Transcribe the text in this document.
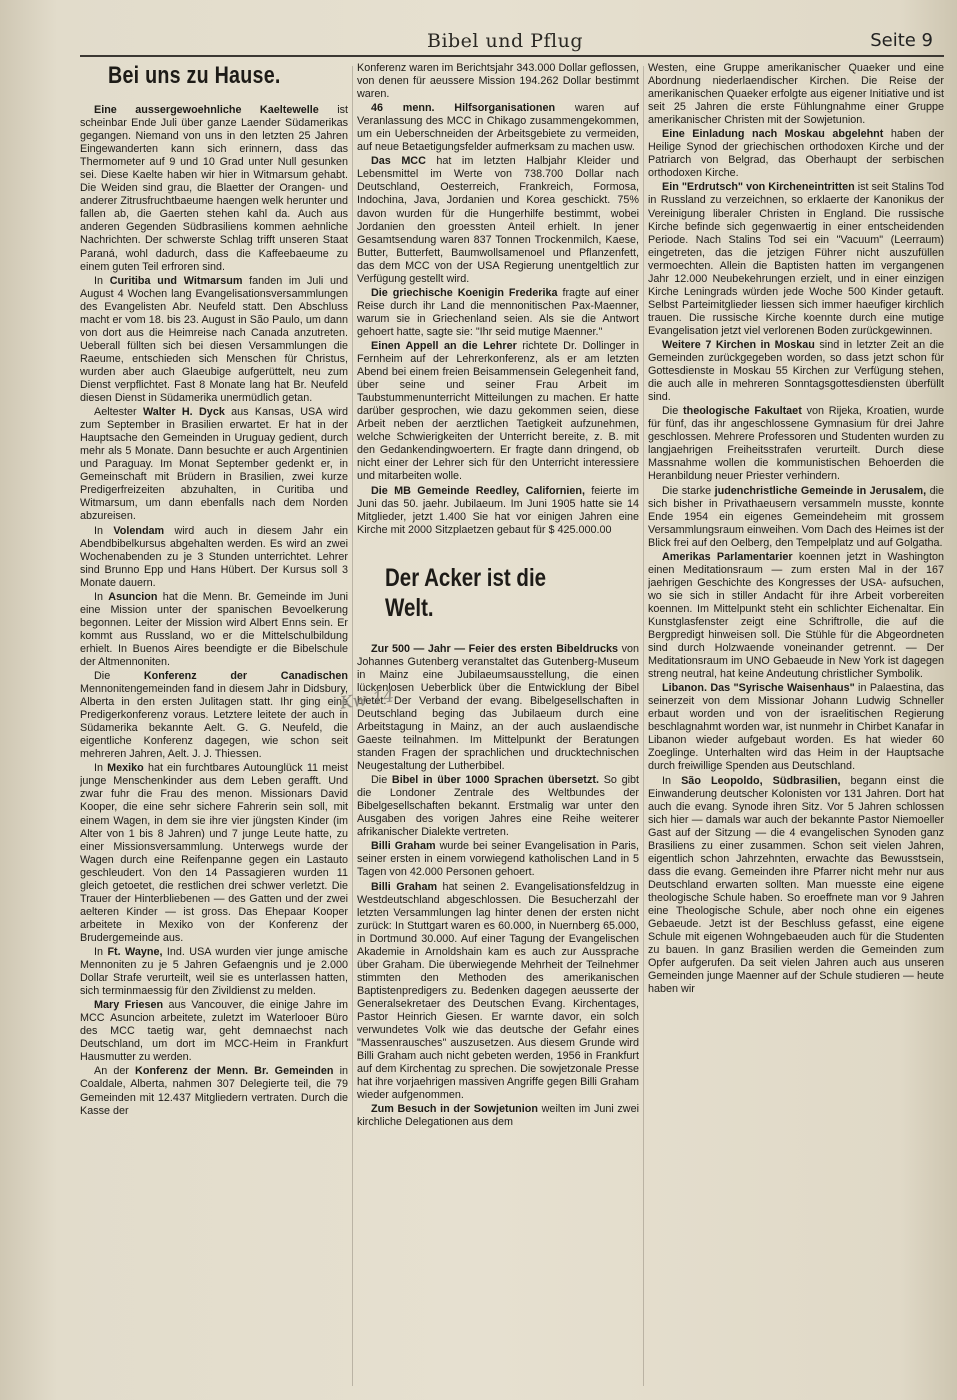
Bibel und Pflug	Seite 9
Bei uns zu Hause.

Eine aussergewoehnliche Kaeltewelle ist scheinbar Ende Juli über ganze Laender Südamerikas gegangen. Niemand von uns in den letzten 25 Jahren Eingewanderten kann sich erinnern, dass das Thermometer auf 9 und 10 Grad unter Null gesunken sei. Diese Kaelte haben wir hier in Witmarsum gehabt. Die Weiden sind grau, die Blaetter der Orangen- und anderer Zitrusfruchtbaeume haengen welk herunter und fallen ab, die Gaerten stehen kahl da. Auch aus anderen Gegenden Südbrasiliens kommen aehnliche Nachrichten. Der schwerste Schlag trifft unseren Staat Paraná, wohl dadurch, dass die Kaffeebaeume zu einem guten Teil erfroren sind.

In Curitiba und Witmarsum fanden im Juli und August 4 Wochen lang Evangelisationsversammlungen des Evangelisten Abr. Neufeld statt. Den Abschluss macht er vom 18. bis 23. August in São Paulo, um dann von dort aus die Heimreise nach Canada anzutreten. Ueberall füllten sich bei diesen Versammlungen die Raeume, entschieden sich Menschen für Christus, wurden aber auch Glaeubige aufgerüttelt, neu zum Dienst verpflichtet. Fast 8 Monate lang hat Br. Neufeld diesen Dienst in Südamerika unermüdlich getan.

Aeltester Walter H. Dyck aus Kansas, USA wird zum September in Brasilien erwartet. Er hat in der Hauptsache den Gemeinden in Uruguay gedient, durch mehr als 5 Monate. Dann besuchte er auch Argentinien und Paraguay. Im Monat September gedenkt er, in Gemeinschaft mit Brüdern in Brasilien, zwei kurze Predigerfreizeiten abzuhalten, in Curitiba und Witmarsum, um dann ebenfalls nach dem Norden abzureisen.

In Volendam wird auch in diesem Jahr ein Abendbibelkursus abgehalten werden. Es wird an zwei Wochenabenden zu je 3 Stunden unterrichtet. Lehrer sind Brunno Epp und Hans Hübert. Der Kursus soll 3 Monate dauern.

In Asuncion hat die Menn. Br. Gemeinde im Juni eine Mission unter der spanischen Bevoelkerung begonnen. Leiter der Mission wird Albert Enns sein. Er kommt aus Russland, wo er die Mittelschulbildung erhielt. In Buenos Aires beendigte er die Bibelschule der Altmennoniten.

Die Konferenz der Canadischen Mennonitengemeinden fand in diesem Jahr in Didsbury, Alberta in den ersten Julitagen statt. Ihr ging eine Predigerkonferenz voraus. Letztere leitete der auch in Südamerika bekannte Aelt. G. G. Neufeld, die eigentliche Konferenz dagegen, wie schon seit mehreren Jahren, Aelt. J. J. Thiessen.

In Mexiko hat ein furchtbares Autounglück 11 meist junge Menschenkinder aus dem Leben gerafft. Und zwar fuhr die Frau des menon. Missionars David Kooper, die eine sehr sichere Fahrerin sein soll, mit einem Wagen, in dem sie ihre vier jüngsten Kinder (im Alter von 1 bis 8 Jahren) und 7 junge Leute hatte, zu einer Missionsversammlung. Unterwegs wurde der Wagen durch eine Reifenpanne gegen ein Lastauto geschleudert. Von den 14 Passagieren wurden 11 gleich getoetet, die restlichen drei schwer verletzt. Die Trauer der Hinterbliebenen — des Gatten und der zwei aelteren Kinder — ist gross. Das Ehepaar Kooper arbeitete in Mexiko von der Konferenz der Brudergemeinde aus.

In Ft. Wayne, Ind. USA wurden vier junge amische Mennoniten zu je 5 Jahren Gefaengnis und je 2.000 Dollar Strafe verurteilt, weil sie es unterlassen hatten, sich terminmaessig für den Zivildienst zu melden.

Mary Friesen aus Vancouver, die einige Jahre im MCC Asuncion arbeitete, zuletzt im Waterlooer Büro des MCC taetig war, geht demnaechst nach Deutschland, um dort im MCC-Heim in Frankfurt Hausmutter zu werden.

An der Konferenz der Menn. Br. Gemeinden in Coaldale, Alberta, nahmen 307 Delegierte teil, die 79 Gemeinden mit 12.437 Mitgliedern vertraten. Durch die Kasse der

Konferenz waren im Berichtsjahr 343.000 Dollar geflossen, von denen für aeussere Mission 194.262 Dollar bestimmt waren.

46 menn. Hilfsorganisationen waren auf Veranlassung des MCC in Chikago zusammengekommen, um ein Ueberschneiden der Arbeitsgebiete zu vermeiden, auf neue Betaetigungsfelder aufmerksam zu machen usw.

Das MCC hat im letzten Halbjahr Kleider und Lebensmittel im Werte von 738.700 Dollar nach Deutschland, Oesterreich, Frankreich, Formosa, Indochina, Java, Jordanien und Korea geschickt. 75% davon wurden für die Hungerhilfe bestimmt, wobei Jordanien den groessten Anteil erhielt. In jener Gesamtsendung waren 837 Tonnen Trockenmilch, Kaese, Butter, Butterfett, Baumwollsamenoel und Pflanzenfett, das dem MCC von der USA Regierung unentgeltlich zur Verfügung gestellt wird.

Die griechische Koenigin Frederika fragte auf einer Reise durch ihr Land die mennonitischen Pax-Maenner, warum sie in Griechenland seien. Als sie die Antwort gehoert hatte, sagte sie: "Ihr seid mutige Maenner."

Einen Appell an die Lehrer richtete Dr. Dollinger in Fernheim auf der Lehrerkonferenz, als er am letzten Abend bei einem freien Beisammensein Gelegenheit fand, über seine und seiner Frau Arbeit im Taubstummenunterricht Mitteilungen zu machen. Er hatte darüber gesprochen, wie dazu gekommen seien, diese Arbeit neben der aerztlichen Taetigkeit aufzunehmen, welche Schwierigkeiten der Unterricht bereite, z. B. mit den Gedankendingwoertern. Er fragte dann dringend, ob nicht einer der Lehrer sich für den Unterricht interessiere und mitarbeiten wolle.

Die MB Gemeinde Reedley, Californien, feierte im Juni das 50. jaehr. Jubilaeum. Im Juni 1905 hatte sie 14 Mitglieder, jetzt 1.400 Sie hat vor einigen Jahren eine Kirche mit 2000 Sitzplaetzen gebaut für $ 425.000.00

Der Acker ist die Welt.

Zur 500 — Jahr — Feier des ersten Bibeldrucks von Johannes Gutenberg veranstaltet das Gutenberg-Museum in Mainz eine Jubilaeumsausstellung, die einen lückenlosen Ueberblick über die Entwicklung der Bibel bietet. Der Verband der evang. Bibelgesellschaften in Deutschland beging das Jubilaeum durch eine Arbeitstagung in Mainz, an der auch auslaendische Gaeste teilnahmen. Im Mittelpunkt der Beratungen standen Fragen der sprachlichen und drucktechnischen Neugestaltung der Lutherbibel.

Die Bibel in über 1000 Sprachen übersetzt. So gibt die Londoner Zentrale des Weltbundes der Bibelgesellschaften bekannt. Erstmalig war unter den Ausgaben des vorigen Jahres eine Reihe weiterer afrikanischer Dialekte vertreten.

Billi Graham wurde bei seiner Evangelisation in Paris, seiner ersten in einem vorwiegend katholischen Land in 5 Tagen von 42.000 Personen gehoert.

Billi Graham hat seinen 2. Evangelisationsfeldzug in Westdeutschland abgeschlossen. Die Besucherzahl der letzten Versammlungen lag hinter denen der ersten nicht zurück: In Stuttgart waren es 60.000, in Nuernberg 65.000, in Dortmund 30.000. Auf einer Tagung der Evangelischen Akademie in Arnoldshain kam es auch zur Aussprache über Graham. Die überwiegende Mehrheit der Teilnehmer stimmten den Methoden des amerikanischen Baptistenpredigers zu. Bedenken dagegen aeusserte der Generalsekretaer des Deutschen Evang. Kirchentages, Pastor Heinrich Giesen. Er warnte davor, ein solch verwundetes Volk wie das deutsche der Gefahr eines "Massenrausches" auszusetzen. Aus diesem Grunde wird Billi Graham auch nicht gebeten werden, 1956 in Frankfurt auf dem Kirchentag zu sprechen. Die sowjetzonale Presse hat ihre vorjaehrigen massiven Angriffe gegen Billi Graham wieder aufgenommen.

Zum Besuch in der Sowjetunion weilten im Juni zwei kirchliche Delegationen aus dem

Westen, eine Gruppe amerikanischer Quaeker und eine Abordnung niederlaendischer Kirchen. Die Reise der amerikanischen Quaeker erfolgte aus eigener Initiative und ist seit 25 Jahren die erste Fühlungnahme einer Gruppe amerikanischer Christen mit der Sowjetunion.

Eine Einladung nach Moskau abgelehnt haben der Heilige Synod der griechischen orthodoxen Kirche und der Patriarch von Belgrad, das Oberhaupt der serbischen orthodoxen Kirche.

Ein "Erdrutsch" von Kircheneintritten ist seit Stalins Tod in Russland zu verzeichnen, so erklaerte der Kanonikus der Vereinigung liberaler Christen in England. Die russische Kirche befinde sich gegenwaertig in einer entscheidenden Periode. Nach Stalins Tod sei ein "Vacuum" (Leerraum) eingetreten, das die jetzigen Führer nicht auszufüllen vermoechten. Allein die Baptisten hatten im vergangenen Jahr 12.000 Neubekehrungen erzielt, und in einer einzigen Kirche Leningrads würden jede Woche 500 Kinder getauft. Selbst Parteimitglieder liessen sich immer haeufiger kirchlich trauen. Die russische Kirche koennte durch eine mutige Evangelisation jetzt viel verlorenen Boden zurückgewinnen.

Weitere 7 Kirchen in Moskau sind in letzter Zeit an die Gemeinden zurückgegeben worden, so dass jetzt schon für Gottesdienste in Moskau 55 Kirchen zur Verfügung stehen, die auch alle in mehreren Sonntagsgottesdiensten überfüllt sind.

Die theologische Fakultaet von Rijeka, Kroatien, wurde für fünf, das ihr angeschlossene Gymnasium für drei Jahre geschlossen. Mehrere Professoren und Studenten wurden zu langjaehrigen Freiheitsstrafen verurteilt. Durch diese Massnahme wollen die kommunistischen Behoerden die Heranbildung neuer Priester verhindern.

Die starke judenchristliche Gemeinde in Jerusalem, die sich bisher in Privathaeusern versammeln musste, konnte Ende 1954 ein eigenes Gemeindeheim mit grossem Versammlungsraum einweihen. Vom Dach des Heimes ist der Blick frei auf den Oelberg, den Tempelplatz und auf Golgatha.

Amerikas Parlamentarier koennen jetzt in Washington einen Meditationsraum — zum ersten Mal in der 167 jaehrigen Geschichte des Kongresses der USA- aufsuchen, wo sie sich in stiller Andacht für ihre Arbeit vorbereiten koennen. Im Mittelpunkt steht ein schlichter Eichenaltar. Ein Kunstglasfenster zeigt eine Schriftrolle, die auf die Bergpredigt hinweisen soll. Die Stühle für die Abgeordneten sind durch Holzwaende voneinander getrennt. — Der Meditationsraum im UNO Gebaeude in New York ist dagegen streng neutral, hat keine Andeutung christlicher Symbolik.

Libanon. Das "Syrische Waisenhaus" in Palaestina, das seinerzeit von dem Missionar Johann Ludwig Schneller erbaut worden und von der israelitischen Regierung beschlagnahmt worden war, ist nunmehr in Chirbet Kanafar in Libanon wieder aufgebaut worden. Es hat wieder 60 Zoeglinge. Unterhalten wird das Heim in der Hauptsache durch freiwillige Spenden aus Deutschland.

In São Leopoldo, Südbrasilien, begann einst die Einwanderung deutscher Kolonisten vor 131 Jahren. Dort hat auch die evang. Synode ihren Sitz. Vor 5 Jahren schlossen sich hier — damals war auch der bekannte Pastor Niemoeller Gast auf der Sitzung — die 4 evangelischen Synoden ganz Brasiliens zu einer zusammen. Schon seit vielen Jahren, eigentlich schon Jahrzehnten, erwachte das Bewusstsein, dass die evang. Gemeinden ihre Pfarrer nicht mehr nur aus Deutschland erwarten sollten. Man muesste eine eigene theologische Schule haben. So eroeffnete man vor 9 Jahren eine Theologische Schule, aber noch ohne ein eigenes Gebaeude. Jetzt ist der Beschluss gefasst, eine eigene Schule mit eigenen Wohngebaeuden auch für die Studenten zu bauen. In ganz Brasilien werden die Gemeinden zum Opfer aufgerufen. Da seit vielen Jahren auch aus unseren Gemeinden junge Maenner auf der Schule studieren — heute haben wir

Kw 14
